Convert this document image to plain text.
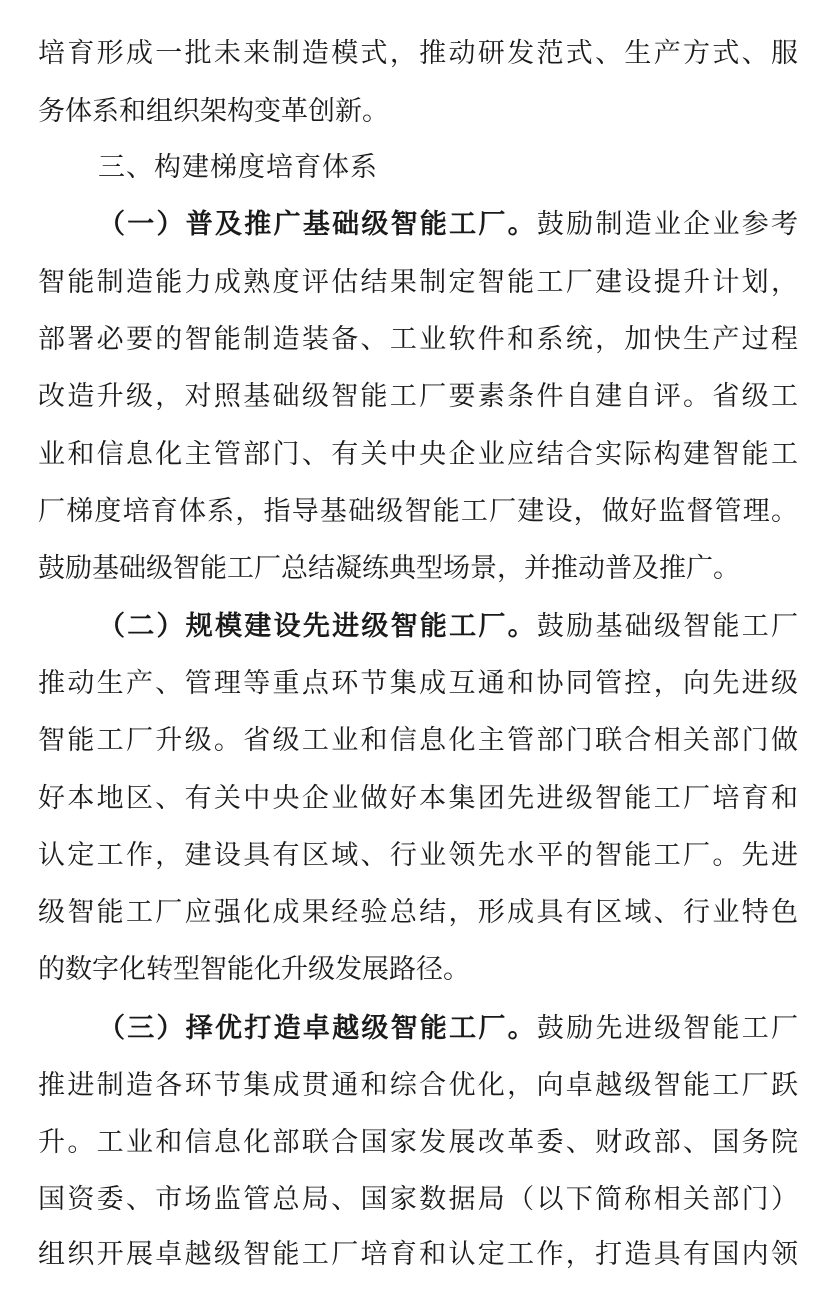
培育形成一批未来制造模式，推动研发范式、生产方式、服
务体系和组织架构变革创新。
三、构建梯度培育体系
（一）普及推广基础级智能工厂。鼓励制造业企业参考
智能制造能力成熟度评估结果制定智能工厂建设提升计划，
部署必要的智能制造装备、工业软件和系统，加快生产过程
改造升级，对照基础级智能工厂要素条件自建自评。省级工
业和信息化主管部门、有关中央企业应结合实际构建智能工
厂梯度培育体系，指导基础级智能工厂建设，做好监督管理。
鼓励基础级智能工厂总结凝练典型场景，并推动普及推广。
（二）规模建设先进级智能工厂。鼓励基础级智能工厂
推动生产、管理等重点环节集成互通和协同管控，向先进级
智能工厂升级。省级工业和信息化主管部门联合相关部门做
好本地区、有关中央企业做好本集团先进级智能工厂培育和
认定工作，建设具有区域、行业领先水平的智能工厂。先进
级智能工厂应强化成果经验总结，形成具有区域、行业特色
的数字化转型智能化升级发展路径。
（三）择优打造卓越级智能工厂。鼓励先进级智能工厂
推进制造各环节集成贯通和综合优化，向卓越级智能工厂跃
升。工业和信息化部联合国家发展改革委、财政部、国务院
国资委、市场监管总局、国家数据局（以下简称相关部门）
组织开展卓越级智能工厂培育和认定工作，打造具有国内领
